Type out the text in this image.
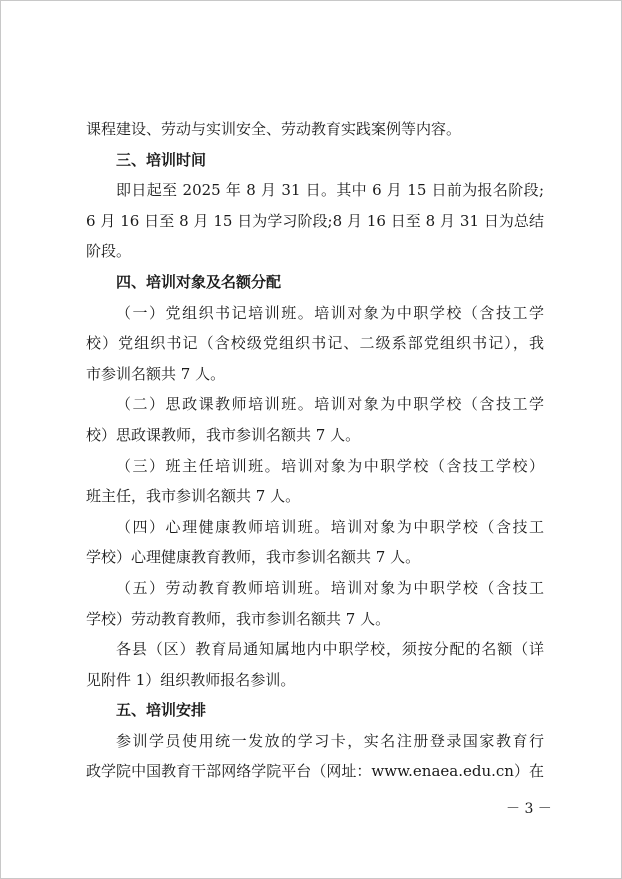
课程建设、劳动与实训安全、劳动教育实践案例等内容。
三、培训时间
即日起至 2025 年 8 月 31 日。其中 6 月 15 日前为报名阶段;
6 月 16 日至 8 月 15 日为学习阶段;8 月 16 日至 8 月 31 日为总结
阶段。
四、培训对象及名额分配
（一）党组织书记培训班。培训对象为中职学校（含技工学
校）党组织书记（含校级党组织书记、二级系部党组织书记），我
市参训名额共 7 人。
（二）思政课教师培训班。培训对象为中职学校（含技工学
校）思政课教师，我市参训名额共 7 人。
（三）班主任培训班。培训对象为中职学校（含技工学校）
班主任，我市参训名额共 7 人。
（四）心理健康教师培训班。培训对象为中职学校（含技工
学校）心理健康教育教师，我市参训名额共 7 人。
（五）劳动教育教师培训班。培训对象为中职学校（含技工
学校）劳动教育教师，我市参训名额共 7 人。
各县（区）教育局通知属地内中职学校，须按分配的名额（详
见附件 1）组织教师报名参训。
五、培训安排
参训学员使用统一发放的学习卡，实名注册登录国家教育行
政学院中国教育干部网络学院平台（网址：www.enaea.edu.cn）在
－ 3 －
